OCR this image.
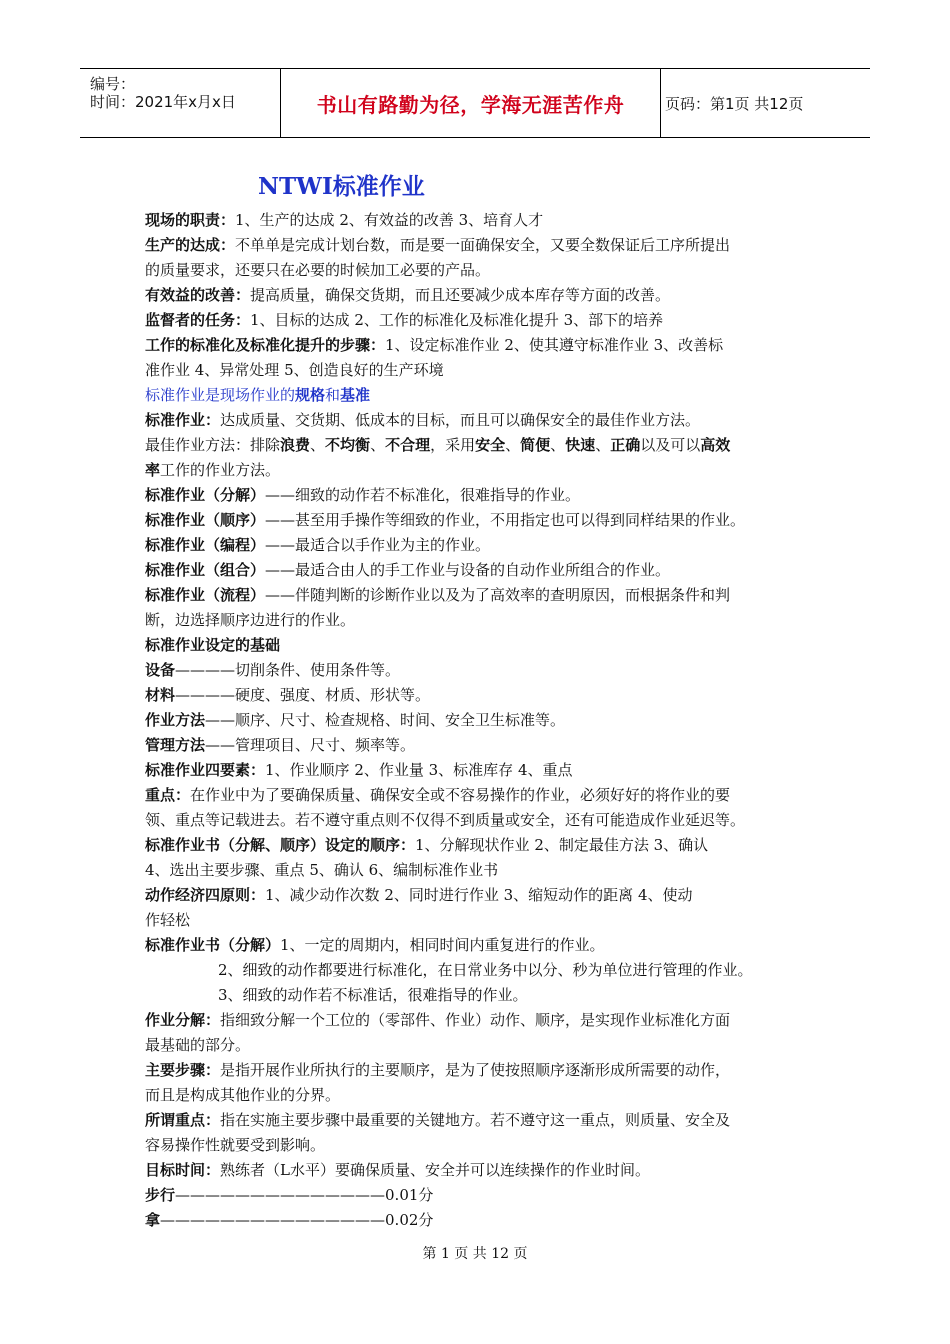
编号：
时间：2021年x月x日	书山有路勤为径，学海无涯苦作舟	页码：第1页 共12页
NTWI标准作业
现场的职责：1、生产的达成 2、有效益的改善 3、培育人才
生产的达成：不单单是完成计划台数，而是要一面确保安全，又要全数保证后工序所提出
的质量要求，还要只在必要的时候加工必要的产品。
有效益的改善：提高质量，确保交货期，而且还要减少成本库存等方面的改善。
监督者的任务：1、目标的达成 2、工作的标准化及标准化提升 3、部下的培养
工作的标准化及标准化提升的步骤：1、设定标准作业 2、使其遵守标准作业 3、改善标
准作业 4、异常处理 5、创造良好的生产环境
标准作业是现场作业的规格和基准
标准作业：达成质量、交货期、低成本的目标，而且可以确保安全的最佳作业方法。
最佳作业方法：排除浪费、不均衡、不合理，采用安全、简便、快速、正确以及可以高效
率工作的作业方法。
标准作业（分解）——细致的动作若不标准化，很难指导的作业。
标准作业（顺序）——甚至用手操作等细致的作业，不用指定也可以得到同样结果的作业。
标准作业（编程）——最适合以手作业为主的作业。
标准作业（组合）——最适合由人的手工作业与设备的自动作业所组合的作业。
标准作业（流程）——伴随判断的诊断作业以及为了高效率的查明原因，而根据条件和判
断，边选择顺序边进行的作业。
标准作业设定的基础
设备————切削条件、使用条件等。
材料————硬度、强度、材质、形状等。
作业方法——顺序、尺寸、检查规格、时间、安全卫生标准等。
管理方法——管理项目、尺寸、频率等。
标准作业四要素：1、作业顺序 2、作业量 3、标准库存 4、重点
重点：在作业中为了要确保质量、确保安全或不容易操作的作业，必须好好的将作业的要
领、重点等记载进去。若不遵守重点则不仅得不到质量或安全，还有可能造成作业延迟等。
标准作业书（分解、顺序）设定的顺序：1、分解现状作业 2、制定最佳方法 3、确认
4、选出主要步骤、重点 5、确认 6、编制标准作业书
动作经济四原则：1、减少动作次数 2、同时进行作业 3、缩短动作的距离 4、使动
作轻松
标准作业书（分解）1、一定的周期内，相同时间内重复进行的作业。
2、细致的动作都要进行标准化，在日常业务中以分、秒为单位进行管理的作业。
3、细致的动作若不标准话，很难指导的作业。
作业分解：指细致分解一个工位的（零部件、作业）动作、顺序，是实现作业标准化方面
最基础的部分。
主要步骤：是指开展作业所执行的主要顺序，是为了使按照顺序逐渐形成所需要的动作，
而且是构成其他作业的分界。
所谓重点：指在实施主要步骤中最重要的关键地方。若不遵守这一重点，则质量、安全及
容易操作性就要受到影响。
目标时间：熟练者（L水平）要确保质量、安全并可以连续操作的作业时间。
步行——————————————0.01分
拿———————————————0.02分
第 1 页 共 12 页
